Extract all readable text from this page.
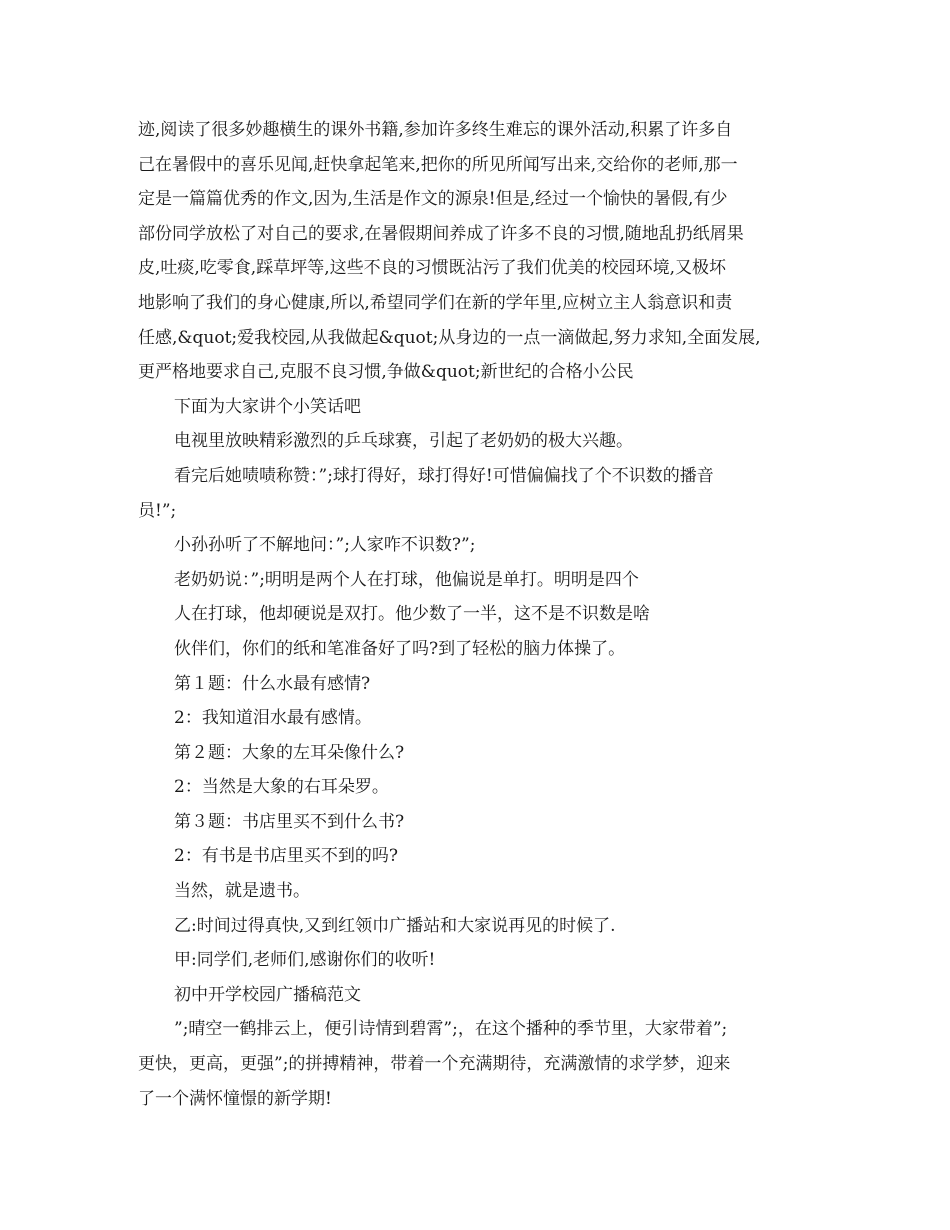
迹,阅读了很多妙趣横生的课外书籍,参加许多终生难忘的课外活动,积累了许多自
己在暑假中的喜乐见闻,赶快拿起笔来,把你的所见所闻写出来,交给你的老师,那一
定是一篇篇优秀的作文,因为,生活是作文的源泉!但是,经过一个愉快的暑假,有少
部份同学放松了对自己的要求,在暑假期间养成了许多不良的习惯,随地乱扔纸屑果
皮,吐痰,吃零食,踩草坪等,这些不良的习惯既沾污了我们优美的校园环境,又极坏
地影响了我们的身心健康,所以,希望同学们在新的学年里,应树立主人翁意识和责
任感,&quot;爱我校园,从我做起&quot;从身边的一点一滴做起,努力求知,全面发展,
更严格地要求自己,克服不良习惯,争做&quot;新世纪的合格小公民
下面为大家讲个小笑话吧
电视里放映精彩激烈的乒乓球赛，引起了老奶奶的极大兴趣。
看完后她啧啧称赞：”;球打得好，球打得好!可惜偏偏找了个不识数的播音
员!”;
小孙孙听了不解地问：”;人家咋不识数?”;
老奶奶说：”;明明是两个人在打球，他偏说是单打。明明是四个
人在打球，他却硬说是双打。他少数了一半，这不是不识数是啥
伙伴们，你们的纸和笔准备好了吗?到了轻松的脑力体操了。
第１题：什么水最有感情?
2：我知道泪水最有感情。
第２题：大象的左耳朵像什么?
2：当然是大象的右耳朵罗。
第３题：书店里买不到什么书?
2：有书是书店里买不到的吗?
当然，就是遗书。
乙:时间过得真快,又到红领巾广播站和大家说再见的时候了.
甲:同学们,老师们,感谢你们的收听!
初中开学校园广播稿范文
”;晴空一鹤排云上，便引诗情到碧霄”;，在这个播种的季节里，大家带着”;
更快，更高，更强”;的拼搏精神，带着一个充满期待，充满激情的求学梦，迎来
了一个满怀憧憬的新学期!
